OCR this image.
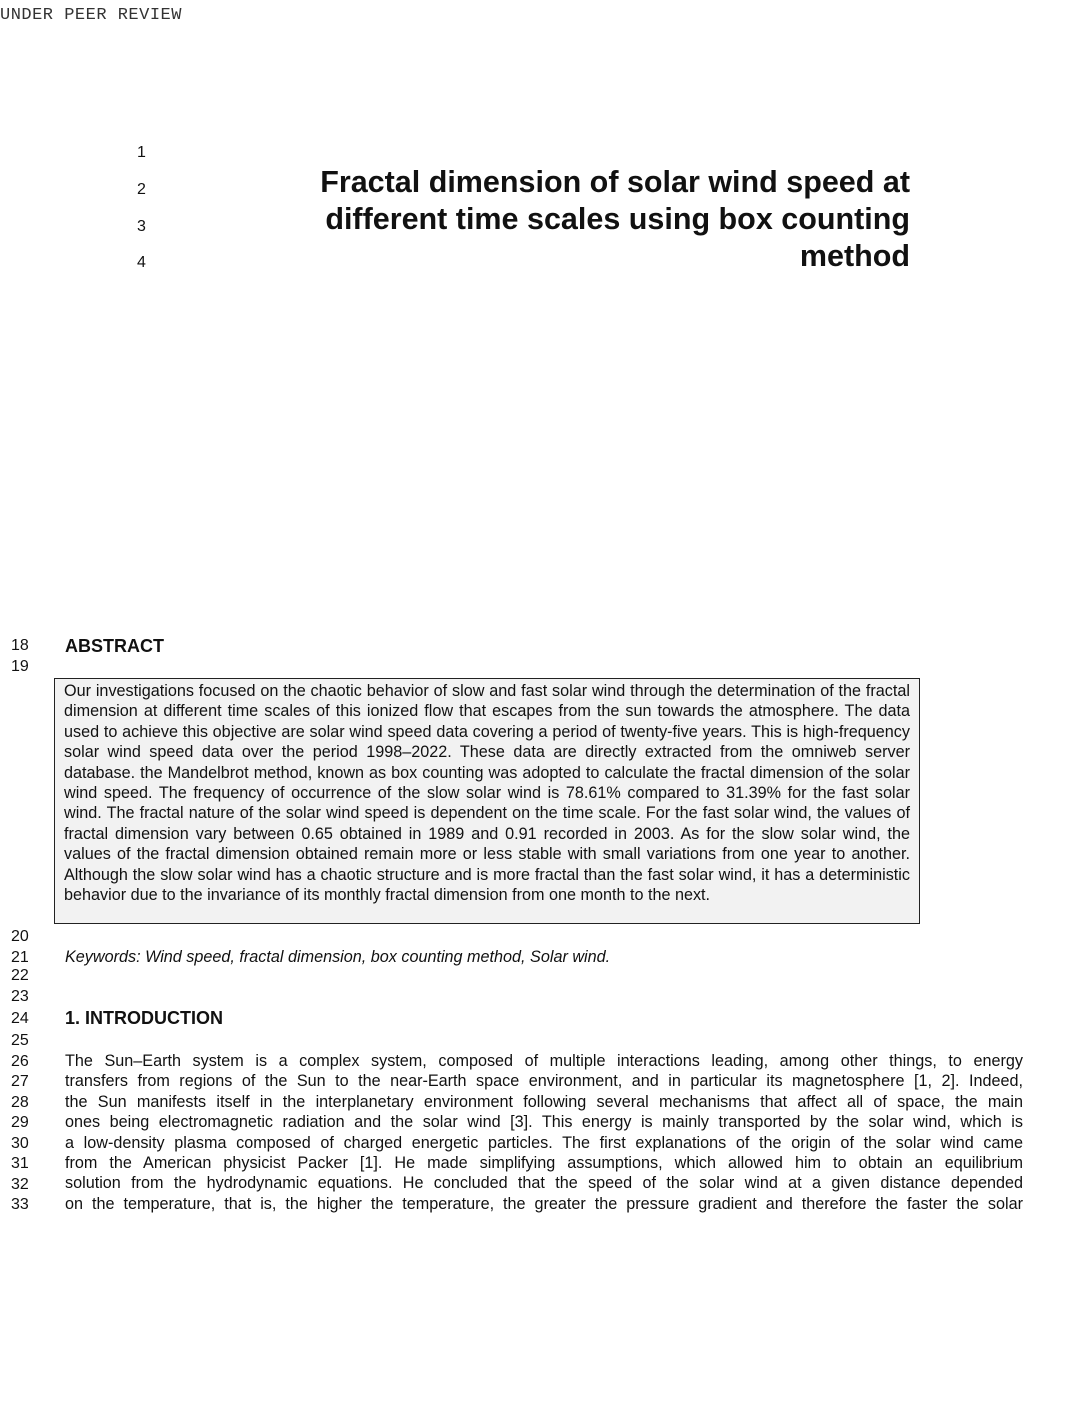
UNDER PEER REVIEW
1
2
3
4
Fractal dimension of solar wind speed at
different time scales using box counting
method
18
19
ABSTRACT

Our investigations focused on the chaotic behavior of slow and fast solar wind through the determination of the fractal dimension at different time scales of this ionized flow that escapes from the sun towards the atmosphere. The data used to achieve this objective are solar wind speed data covering a period of twenty-five years. This is high-frequency solar wind speed data over the period 1998–2022. These data are directly extracted from the omniweb server database. the Mandelbrot method, known as box counting was adopted to calculate the fractal dimension of the solar wind speed. The frequency of occurrence of the slow solar wind is 78.61% compared to 31.39% for the fast solar wind. The fractal nature of the solar wind speed is dependent on the time scale. For the fast solar wind, the values of fractal dimension vary between 0.65 obtained in 1989 and 0.91 recorded in 2003. As for the slow solar wind, the values of the fractal dimension obtained remain more or less stable with small variations from one year to another. Although the slow solar wind has a chaotic structure and is more fractal than the fast solar wind, it has a deterministic behavior due to the invariance of its monthly fractal dimension from one month to the next.

20
21
22
23
Keywords: Wind speed, fractal dimension, box counting method, Solar wind.
24
25
1. INTRODUCTION
26
27
28
29
30
31
32
33
The Sun–Earth system is a complex system, composed of multiple interactions leading, among other things, to energy
transfers from regions of the Sun to the near-Earth space environment, and in particular its magnetosphere [1, 2]. Indeed,
the Sun manifests itself in the interplanetary environment following several mechanisms that affect all of space, the main
ones being electromagnetic radiation and the solar wind [3]. This energy is mainly transported by the solar wind, which is
a low-density plasma composed of charged energetic particles. The first explanations of the origin of the solar wind came
from the American physicist Packer [1]. He made simplifying assumptions, which allowed him to obtain an equilibrium
solution from the hydrodynamic equations. He concluded that the speed of the solar wind at a given distance depended
on the temperature, that is, the higher the temperature, the greater the pressure gradient and therefore the faster the solar
